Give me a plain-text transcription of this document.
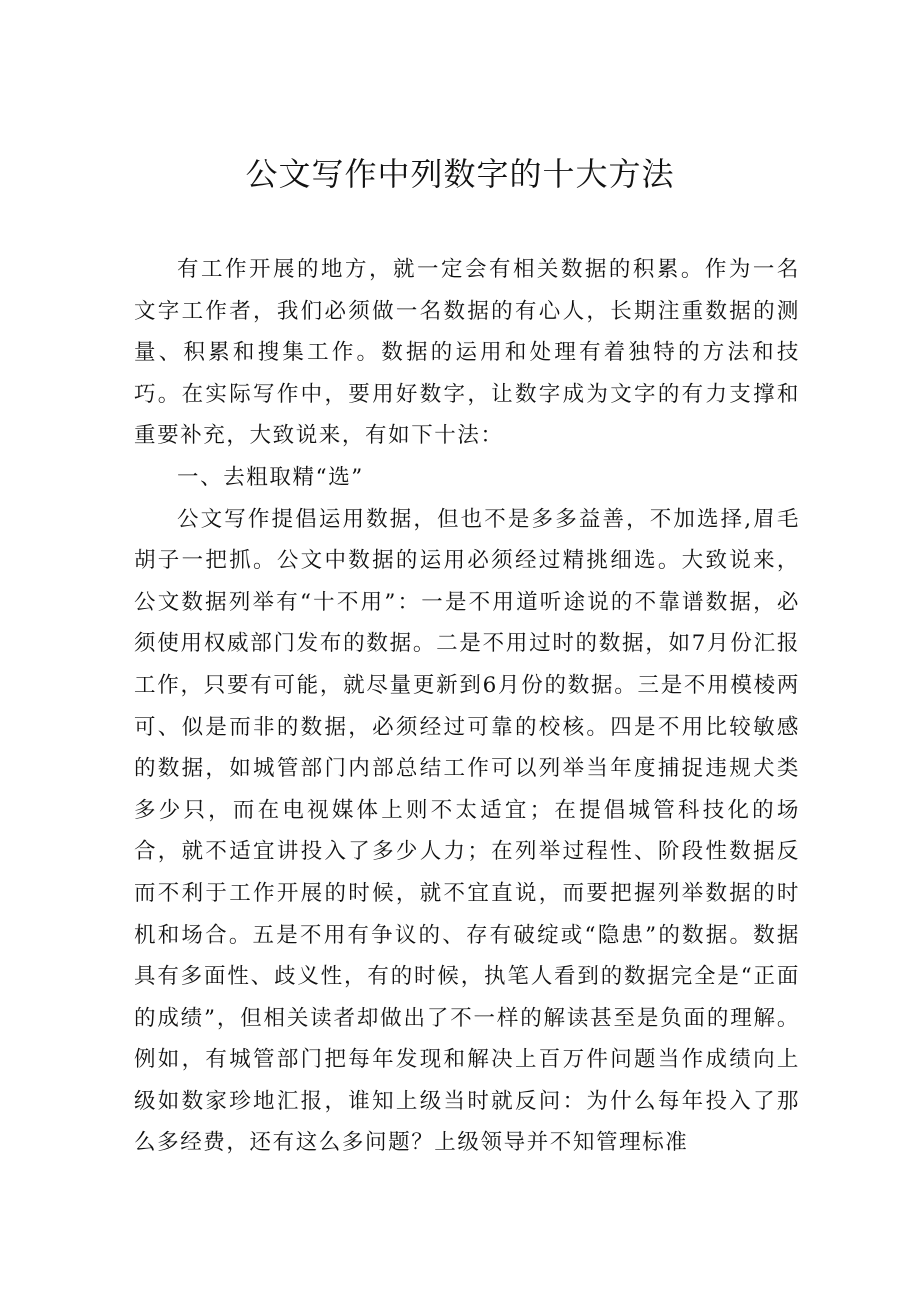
公文写作中列数字的十大方法

有工作开展的地方，就一定会有相关数据的积累。作为一名文字工作者，我们必须做一名数据的有心人，长期注重数据的测量、积累和搜集工作。数据的运用和处理有着独特的方法和技巧。在实际写作中，要用好数字，让数字成为文字的有力支撑和重要补充，大致说来，有如下十法：

一、去粗取精“选”

公文写作提倡运用数据，但也不是多多益善，不加选择,眉毛胡子一把抓。公文中数据的运用必须经过精挑细选。大致说来，公文数据列举有“十不用”：一是不用道听途说的不靠谱数据，必须使用权威部门发布的数据。二是不用过时的数据，如7月份汇报工作，只要有可能，就尽量更新到6月份的数据。三是不用模棱两可、似是而非的数据，必须经过可靠的校核。四是不用比较敏感的数据，如城管部门内部总结工作可以列举当年度捕捉违规犬类多少只，而在电视媒体上则不太适宜；在提倡城管科技化的场合，就不适宜讲投入了多少人力；在列举过程性、阶段性数据反而不利于工作开展的时候，就不宜直说，而要把握列举数据的时机和场合。五是不用有争议的、存有破绽或“隐患”的数据。数据具有多面性、歧义性，有的时候，执笔人看到的数据完全是“正面的成绩”，但相关读者却做出了不一样的解读甚至是负面的理解。例如，有城管部门把每年发现和解决上百万件问题当作成绩向上级如数家珍地汇报，谁知上级当时就反问：为什么每年投入了那么多经费，还有这么多问题？上级领导并不知管理标准
